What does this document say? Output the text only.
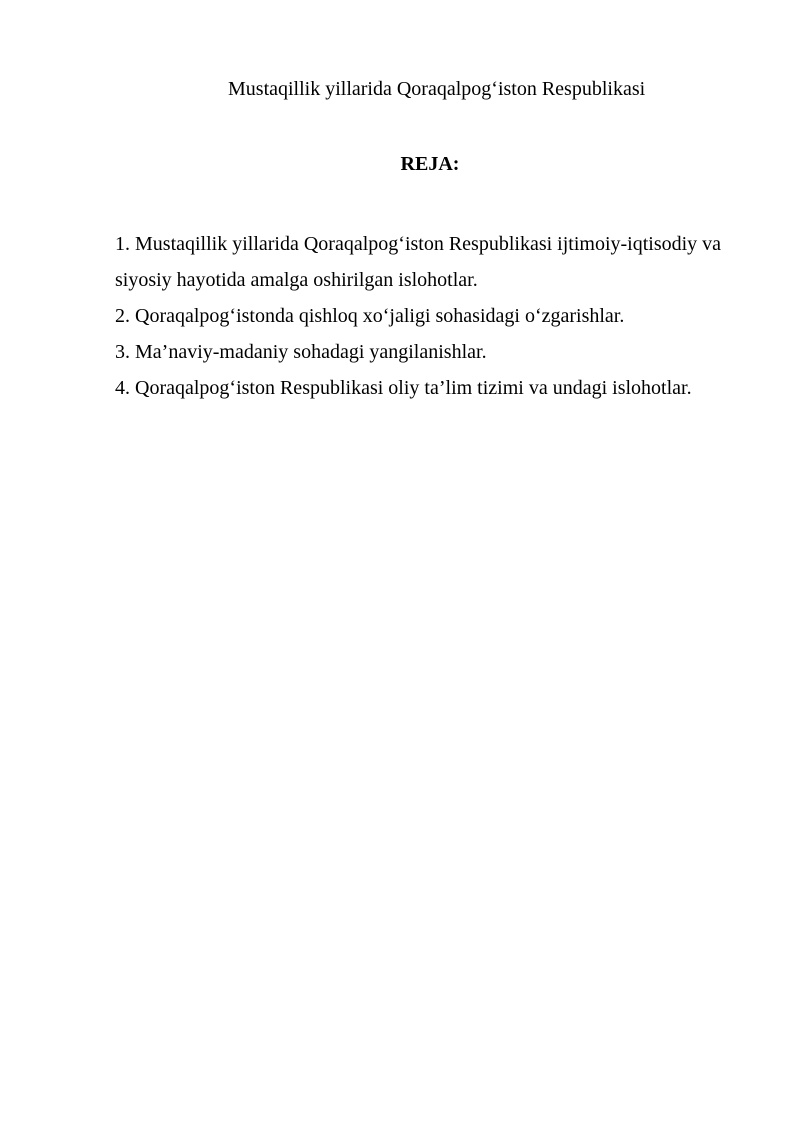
Mustaqillik yillarida Qoraqalpog‘iston Respublikasi
REJA:
1. Mustaqillik yillarida Qoraqalpog‘iston Respublikasi ijtimoiy-iqtisodiy va siyosiy hayotida amalga oshirilgan islohotlar.
2. Qoraqalpog‘istonda qishloq xo‘jaligi sohasidagi o‘zgarishlar.
3. Ma’naviy-madaniy sohadagi yangilanishlar.
4. Qoraqalpog‘iston Respublikasi oliy ta’lim tizimi va undagi islohotlar.
